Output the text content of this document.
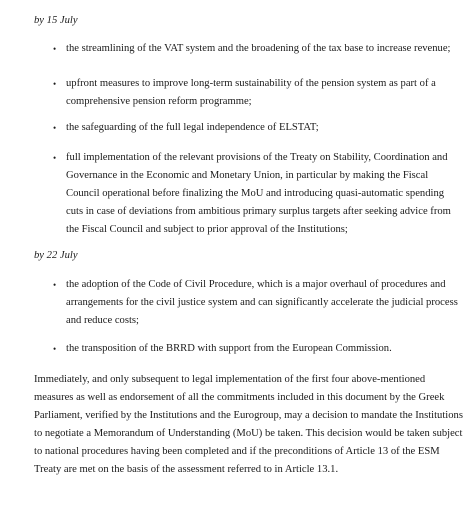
by 15 July
• the streamlining of the VAT system and the broadening of the tax base to increase revenue;
• upfront measures to improve long-term sustainability of the pension system as part of a comprehensive pension reform programme;
• the safeguarding of the full legal independence of ELSTAT;
• full implementation of the relevant provisions of the Treaty on Stability, Coordination and Governance in the Economic and Monetary Union, in particular by making the Fiscal Council operational before finalizing the MoU and introducing quasi-automatic spending cuts in case of deviations from ambitious primary surplus targets after seeking advice from the Fiscal Council and subject to prior approval of the Institutions;
by 22 July
• the adoption of the Code of Civil Procedure, which is a major overhaul of procedures and arrangements for the civil justice system and can significantly accelerate the judicial process and reduce costs;
• the transposition of the BRRD with support from the European Commission.

Immediately, and only subsequent to legal implementation of the first four above-mentioned measures as well as endorsement of all the commitments included in this document by the Greek Parliament, verified by the Institutions and the Eurogroup, may a decision to mandate the Institutions to negotiate a Memorandum of Understanding (MoU) be taken. This decision would be taken subject to national procedures having been completed and if the preconditions of Article 13 of the ESM Treaty are met on the basis of the assessment referred to in Article 13.1.
